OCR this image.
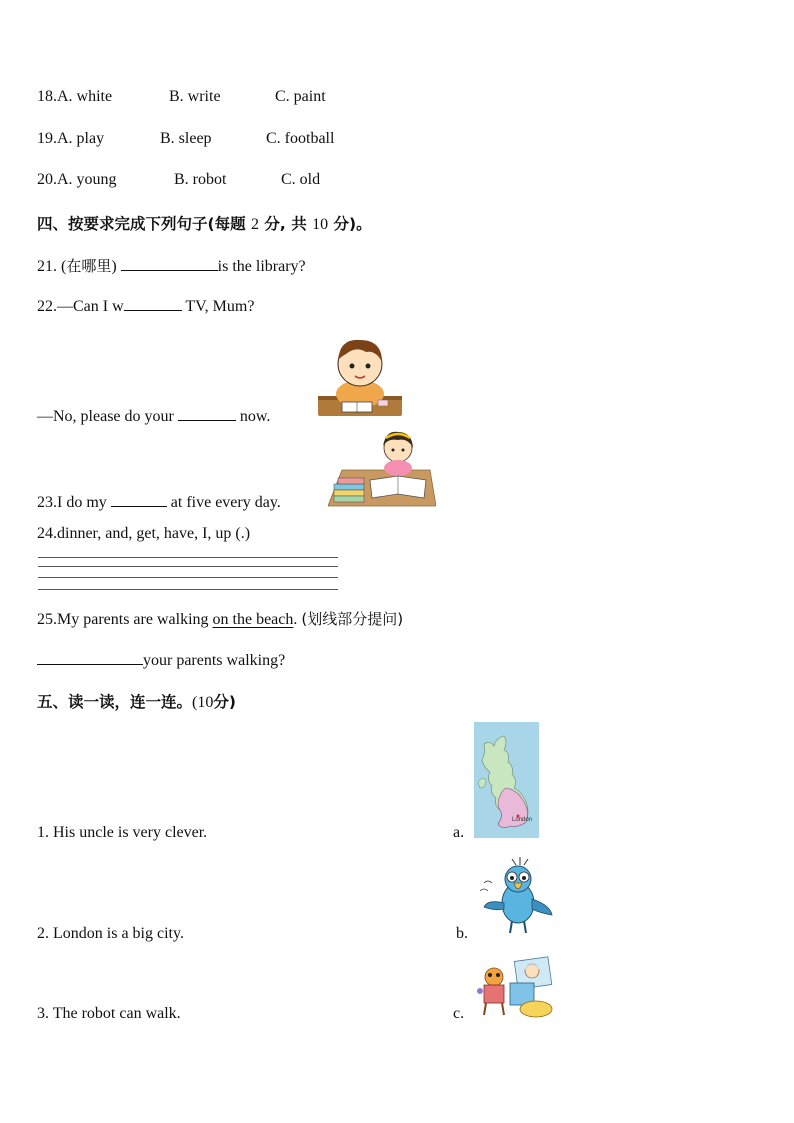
18.A. white	B. write	C. paint
19.A. play	B. sleep	C. football
20.A. young	B. robot	C. old
四、按要求完成下列句子(每题 2 分, 共 10 分)。
21. (在哪里)	is the library?
22.—Can I w	TV, Mum?
—No, please do your	now.
23.I do my	at five every day.
24.dinner, and, get, have, I, up (.)
25.My parents are walking on the beach. (划线部分提问)
your parents walking?
五、读一读，连一连。(10分)
1. His uncle is very clever.	a.
2. London is a big city.	b.
3. The robot can walk.	c.
London
